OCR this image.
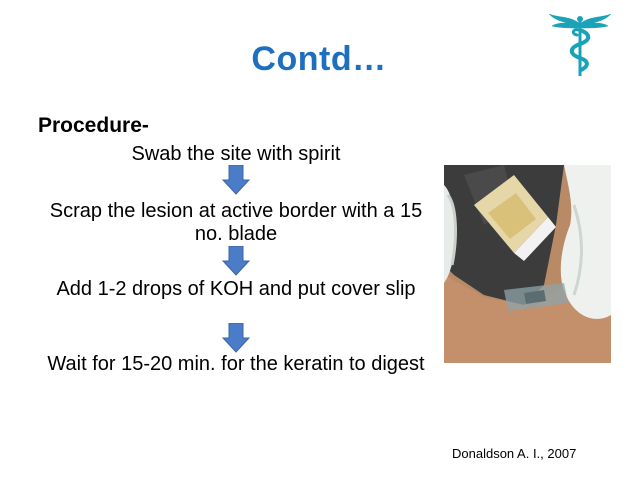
Contd…
Procedure-
Swab the site with spirit
Scrap the lesion at active border with a 15 no. blade
Add 1-2 drops of KOH and put cover slip
Wait for 15-20 min. for the keratin to digest
Donaldson A. I., 2007
